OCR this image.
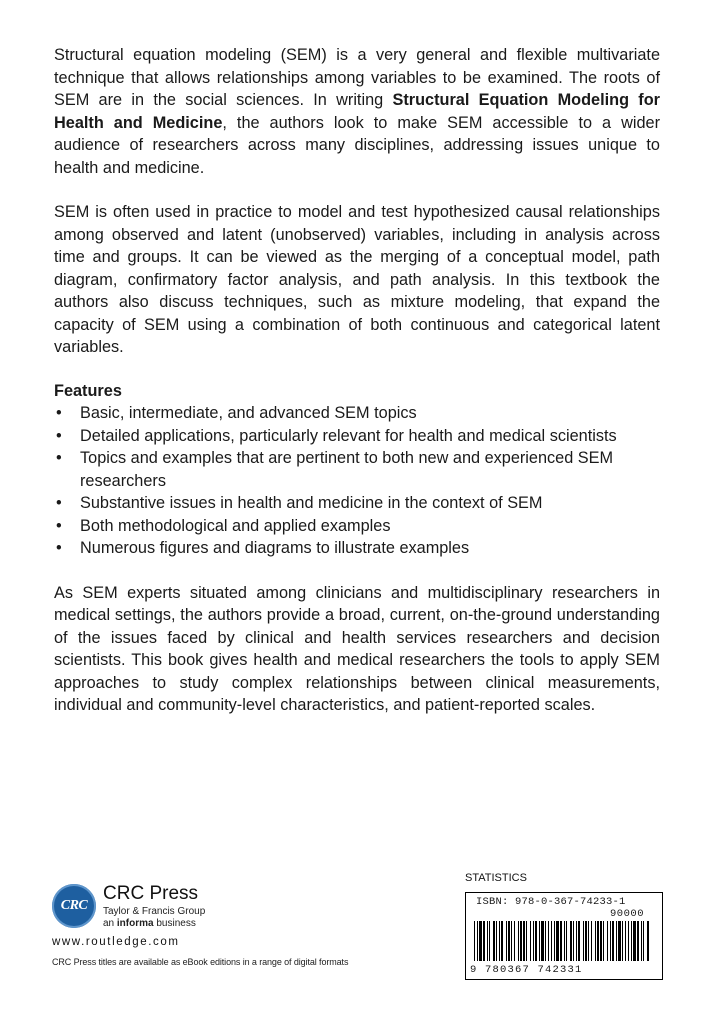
Structural equation modeling (SEM) is a very general and flexible multivariate technique that allows relationships among variables to be examined. The roots of SEM are in the social sciences. In writing Structural Equation Modeling for Health and Medicine, the authors look to make SEM accessible to a wider audience of researchers across many disciplines, addressing issues unique to health and medicine.

SEM is often used in practice to model and test hypothesized causal relationships among observed and latent (unobserved) variables, including in analysis across time and groups. It can be viewed as the merging of a conceptual model, path diagram, confirmatory factor analysis, and path analysis. In this textbook the authors also discuss techniques, such as mixture modeling, that expand the capacity of SEM using a combination of both continuous and categorical latent variables.

Features
• Basic, intermediate, and advanced SEM topics
• Detailed applications, particularly relevant for health and medical scientists
• Topics and examples that are pertinent to both new and experienced SEM researchers
• Substantive issues in health and medicine in the context of SEM
• Both methodological and applied examples
• Numerous figures and diagrams to illustrate examples

As SEM experts situated among clinicians and multidisciplinary researchers in medical settings, the authors provide a broad, current, on-the-ground understanding of the issues faced by clinical and health services researchers and decision scientists. This book gives health and medical researchers the tools to apply SEM approaches to study complex relationships between clinical measurements, individual and community-level characteristics, and patient-reported scales.

CRC
CRC Press
Taylor & Francis Group
an informa business
www.routledge.com
CRC Press titles are available as eBook editions in a range of digital formats
STATISTICS
ISBN: 978-0-367-74233-1
90000
9 780367 742331
